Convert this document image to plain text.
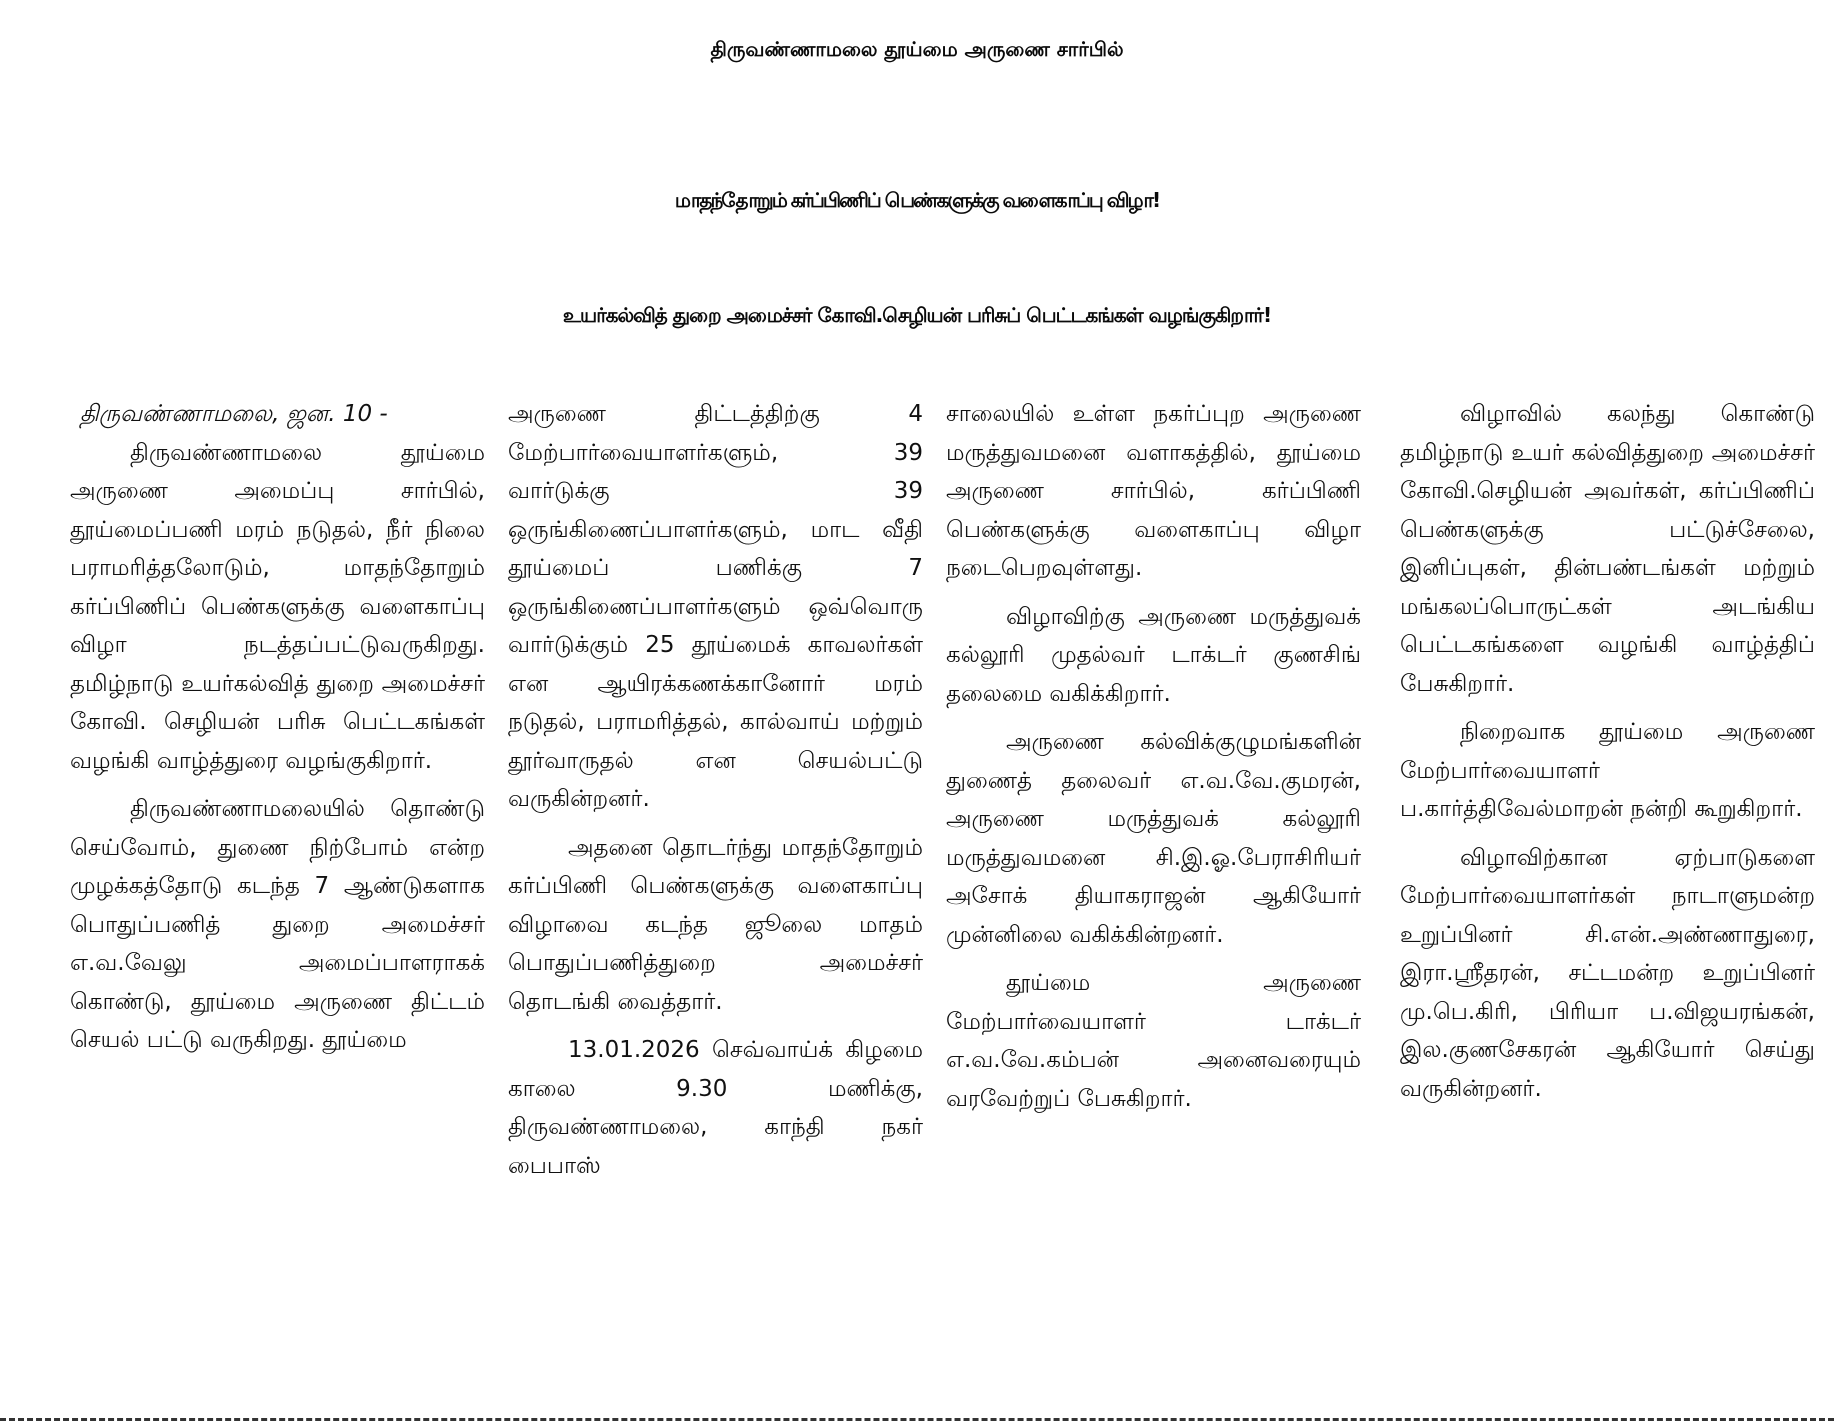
திருவண்ணாமலை தூய்மை அருணை சார்பில்
மாதந்தோறும் கர்ப்பிணிப் பெண்களுக்கு வளைகாப்பு விழா!
உயர்கல்வித் துறை அமைச்சர் கோவி.செழியன் பரிசுப் பெட்டகங்கள் வழங்குகிறார்!

திருவண்ணாமலை, ஜன. 10 -

திருவண்ணாமலை தூய்மை அருணை அமைப்பு சார்பில், தூய்மைப்பணி மரம் நடுதல், நீர் நிலை பராமரித்தலோடும், மாதந்தோறும் கர்ப்பிணிப் பெண்களுக்கு வளைகாப்பு விழா நடத்தப்பட்டுவருகிறது. தமிழ்நாடு உயர்கல்வித் துறை அமைச்சர் கோவி. செழியன் பரிசு பெட்டகங்கள் வழங்கி வாழ்த்துரை வழங்குகிறார்.

திருவண்ணாமலையில் தொண்டு செய்வோம், துணை நிற்போம் என்ற முழக்கத்தோடு கடந்த 7 ஆண்டுகளாக பொதுப்பணித் துறை அமைச்சர் எ.வ.வேலு அமைப்பாளராகக் கொண்டு, தூய்மை அருணை திட்டம் செயல் பட்டு வருகிறது. தூய்மை

அருணை திட்டத்திற்கு 4 மேற்பார்வையாளர்களும், 39 வார்டுக்கு 39 ஒருங்கிணைப்பாளர்களும், மாட வீதி தூய்மைப் பணிக்கு 7 ஒருங்கிணைப்பாளர்களும் ஒவ்வொரு வார்டுக்கும் 25 தூய்மைக் காவலர்கள் என ஆயிரக்கணக்கானோர் மரம் நடுதல், பராமரித்தல், கால்வாய் மற்றும் தூர்வாருதல் என செயல்பட்டு வருகின்றனர்.

அதனை தொடர்ந்து மாதந்தோறும் கர்ப்பிணி பெண்களுக்கு வளைகாப்பு விழாவை கடந்த ஜூலை மாதம் பொதுப்பணித்துறை அமைச்சர் தொடங்கி வைத்தார்.

13.01.2026 செவ்வாய்க் கிழமை காலை 9.30 மணிக்கு, திருவண்ணாமலை, காந்தி நகர் பைபாஸ்

சாலையில் உள்ள நகர்ப்புற அருணை மருத்துவமனை வளாகத்தில், தூய்மை அருணை சார்பில், கர்ப்பிணி பெண்களுக்கு வளைகாப்பு விழா நடைபெறவுள்ளது.

விழாவிற்கு அருணை மருத்துவக் கல்லூரி முதல்வர் டாக்டர் குணசிங் தலைமை வகிக்கிறார்.

அருணை கல்விக்குழுமங்களின் துணைத் தலைவர் எ.வ.வே.குமரன், அருணை மருத்துவக் கல்லூரி மருத்துவமனை சி.இ.ஓ.பேராசிரியர் அசோக் தியாகராஜன் ஆகியோர் முன்னிலை வகிக்கின்றனர்.

தூய்மை அருணை மேற்பார்வையாளர் டாக்டர் எ.வ.வே.கம்பன் அனைவரையும் வரவேற்றுப் பேசுகிறார்.

விழாவில் கலந்து கொண்டு தமிழ்நாடு உயர் கல்வித்துறை அமைச்சர் கோவி.செழியன் அவர்கள், கர்ப்பிணிப் பெண்களுக்கு பட்டுச்சேலை, இனிப்புகள், தின்பண்டங்கள் மற்றும் மங்கலப்பொருட்கள் அடங்கிய பெட்டகங்களை வழங்கி வாழ்த்திப் பேசுகிறார்.

நிறைவாக தூய்மை அருணை மேற்பார்வையாளர் ப.கார்த்திவேல்மாறன் நன்றி கூறுகிறார்.

விழாவிற்கான ஏற்பாடுகளை மேற்பார்வையாளர்கள் நாடாளுமன்ற உறுப்பினர் சி.என்.அண்ணாதுரை, இரா.ஸ்ரீதரன், சட்டமன்ற உறுப்பினர் மு.பெ.கிரி, பிரியா ப.விஜயரங்கன், இல.குணசேகரன் ஆகியோர் செய்து வருகின்றனர்.
